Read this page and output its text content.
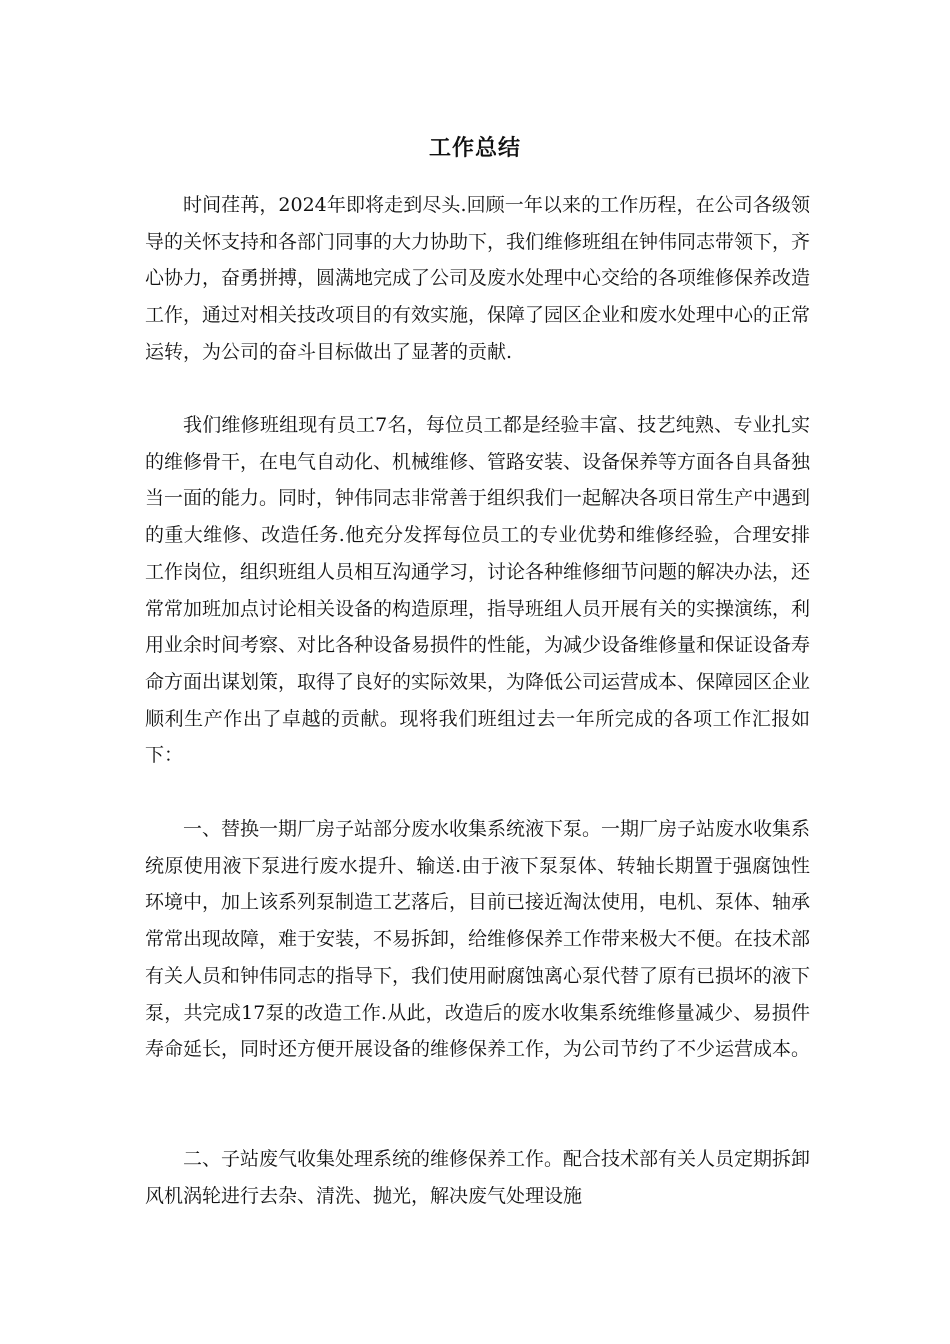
工作总结

时间荏苒，2024年即将走到尽头.回顾一年以来的工作历程，在公司各级领导的关怀支持和各部门同事的大力协助下，我们维修班组在钟伟同志带领下，齐心协力，奋勇拼搏，圆满地完成了公司及废水处理中心交给的各项维修保养改造工作，通过对相关技改项目的有效实施，保障了园区企业和废水处理中心的正常运转，为公司的奋斗目标做出了显著的贡献.

我们维修班组现有员工7名，每位员工都是经验丰富、技艺纯熟、专业扎实的维修骨干，在电气自动化、机械维修、管路安装、设备保养等方面各自具备独当一面的能力。同时，钟伟同志非常善于组织我们一起解决各项日常生产中遇到的重大维修、改造任务.他充分发挥每位员工的专业优势和维修经验，合理安排工作岗位，组织班组人员相互沟通学习，讨论各种维修细节问题的解决办法，还常常加班加点讨论相关设备的构造原理，指导班组人员开展有关的实操演练，利用业余时间考察、对比各种设备易损件的性能，为减少设备维修量和保证设备寿命方面出谋划策，取得了良好的实际效果，为降低公司运营成本、保障园区企业顺利生产作出了卓越的贡献。现将我们班组过去一年所完成的各项工作汇报如下：

一、替换一期厂房子站部分废水收集系统液下泵。一期厂房子站废水收集系统原使用液下泵进行废水提升、输送.由于液下泵泵体、转轴长期置于强腐蚀性环境中，加上该系列泵制造工艺落后，目前已接近淘汰使用，电机、泵体、轴承常常出现故障，难于安装，不易拆卸，给维修保养工作带来极大不便。在技术部有关人员和钟伟同志的指导下，我们使用耐腐蚀离心泵代替了原有已损坏的液下泵，共完成17泵的改造工作.从此，改造后的废水收集系统维修量减少、易损件寿命延长，同时还方便开展设备的维修保养工作，为公司节约了不少运营成本。

二、子站废气收集处理系统的维修保养工作。配合技术部有关人员定期拆卸风机涡轮进行去杂、清洗、抛光，解决废气处理设施
